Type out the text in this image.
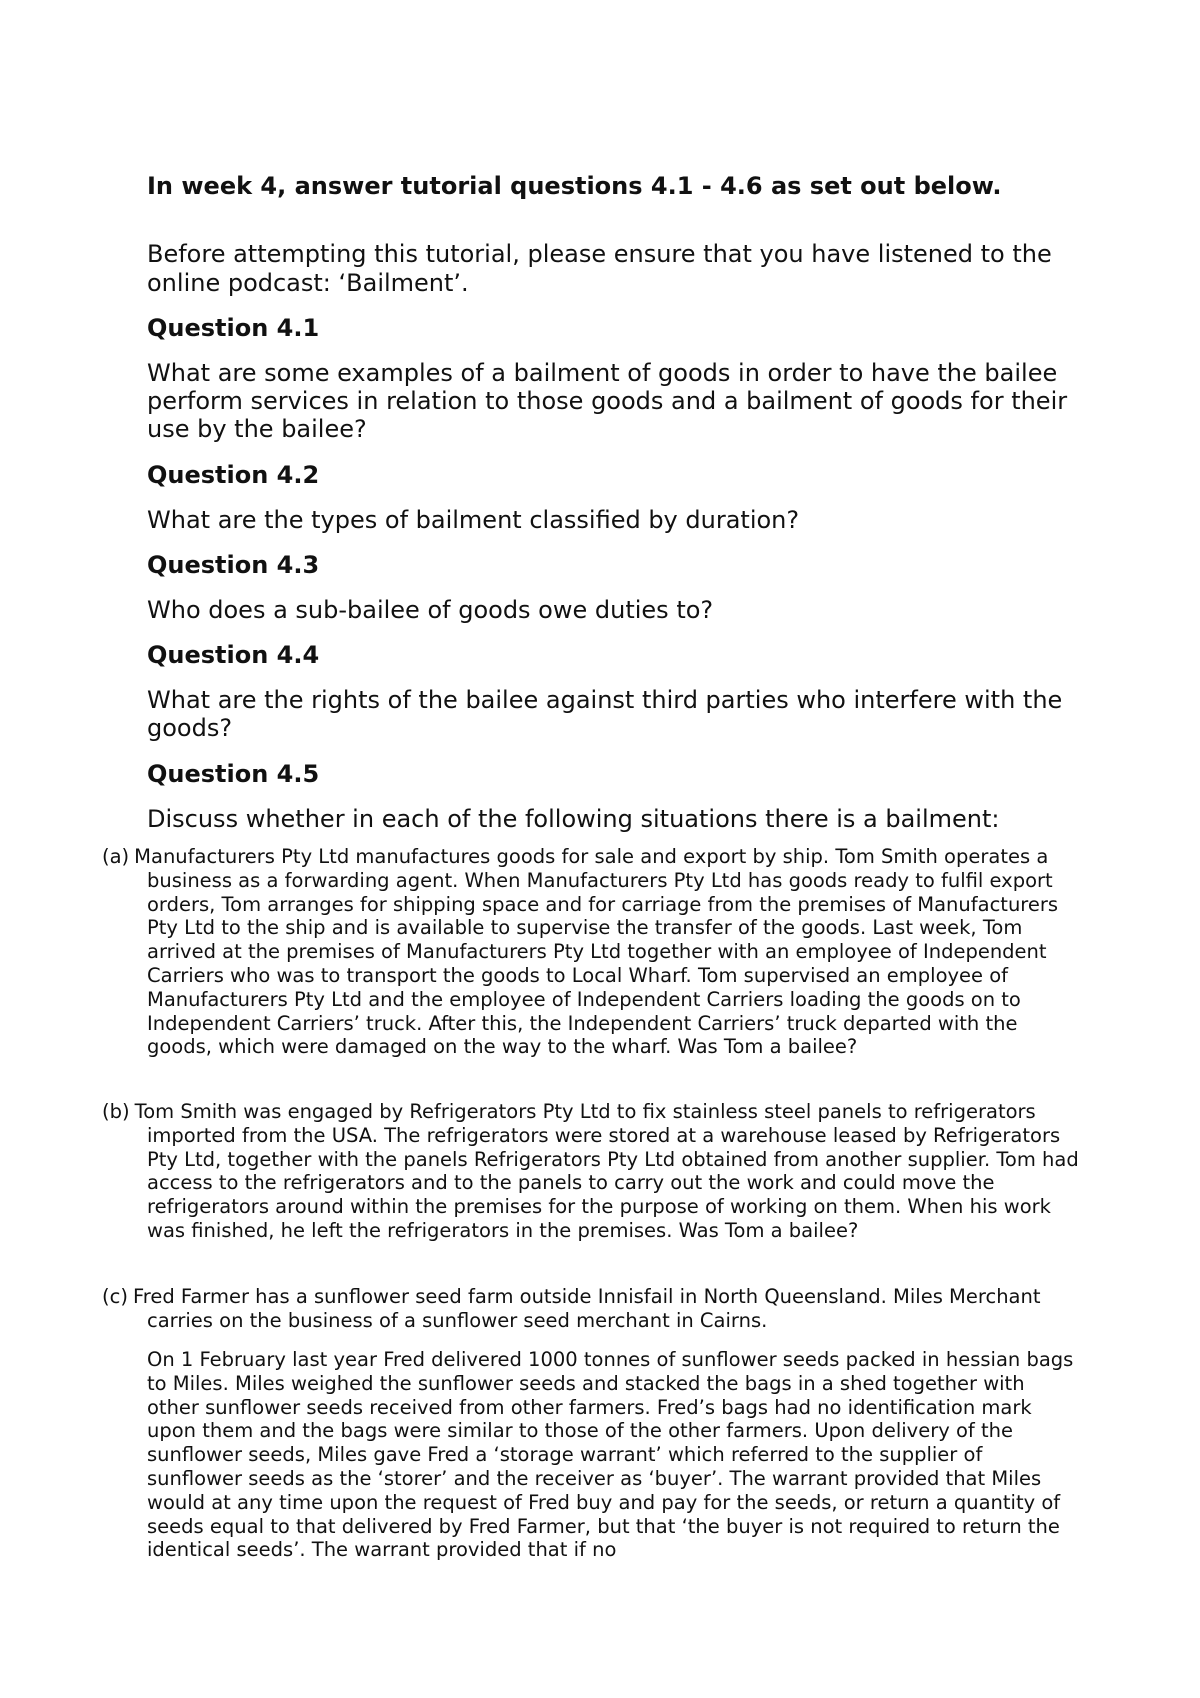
In week 4, answer tutorial questions 4.1 - 4.6 as set out below.
Before attempting this tutorial, please ensure that you have listened to the online podcast: ‘Bailment’.
Question 4.1
What are some examples of a bailment of goods in order to have the bailee perform services in relation to those goods and a bailment of goods for their use by the bailee?
Question 4.2
What are the types of bailment classified by duration?
Question 4.3
Who does a sub-bailee of goods owe duties to?
Question 4.4
What are the rights of the bailee against third parties who interfere with the goods?
Question 4.5
Discuss whether in each of the following situations there is a bailment:
(a) Manufacturers Pty Ltd manufactures goods for sale and export by ship. Tom Smith operates a business as a forwarding agent. When Manufacturers Pty Ltd has goods ready to fulfil export orders, Tom arranges for shipping space and for carriage from the premises of Manufacturers Pty Ltd to the ship and is available to supervise the transfer of the goods. Last week, Tom arrived at the premises of Manufacturers Pty Ltd together with an employee of Independent Carriers who was to transport the goods to Local Wharf. Tom supervised an employee of Manufacturers Pty Ltd and the employee of Independent Carriers loading the goods on to Independent Carriers’ truck. After this, the Independent Carriers’ truck departed with the goods, which were damaged on the way to the wharf. Was Tom a bailee?
(b) Tom Smith was engaged by Refrigerators Pty Ltd to fix stainless steel panels to refrigerators imported from the USA. The refrigerators were stored at a warehouse leased by Refrigerators Pty Ltd, together with the panels Refrigerators Pty Ltd obtained from another supplier. Tom had access to the refrigerators and to the panels to carry out the work and could move the refrigerators around within the premises for the purpose of working on them. When his work was finished, he left the refrigerators in the premises. Was Tom a bailee?
(c) Fred Farmer has a sunflower seed farm outside Innisfail in North Queensland. Miles Merchant carries on the business of a sunflower seed merchant in Cairns.
On 1 February last year Fred delivered 1000 tonnes of sunflower seeds packed in hessian bags to Miles. Miles weighed the sunflower seeds and stacked the bags in a shed together with other sunflower seeds received from other farmers. Fred’s bags had no identification mark upon them and the bags were similar to those of the other farmers. Upon delivery of the sunflower seeds, Miles gave Fred a ‘storage warrant’ which referred to the supplier of sunflower seeds as the ‘storer’ and the receiver as ‘buyer’. The warrant provided that Miles would at any time upon the request of Fred buy and pay for the seeds, or return a quantity of seeds equal to that delivered by Fred Farmer, but that ‘the buyer is not required to return the identical seeds’. The warrant provided that if no
